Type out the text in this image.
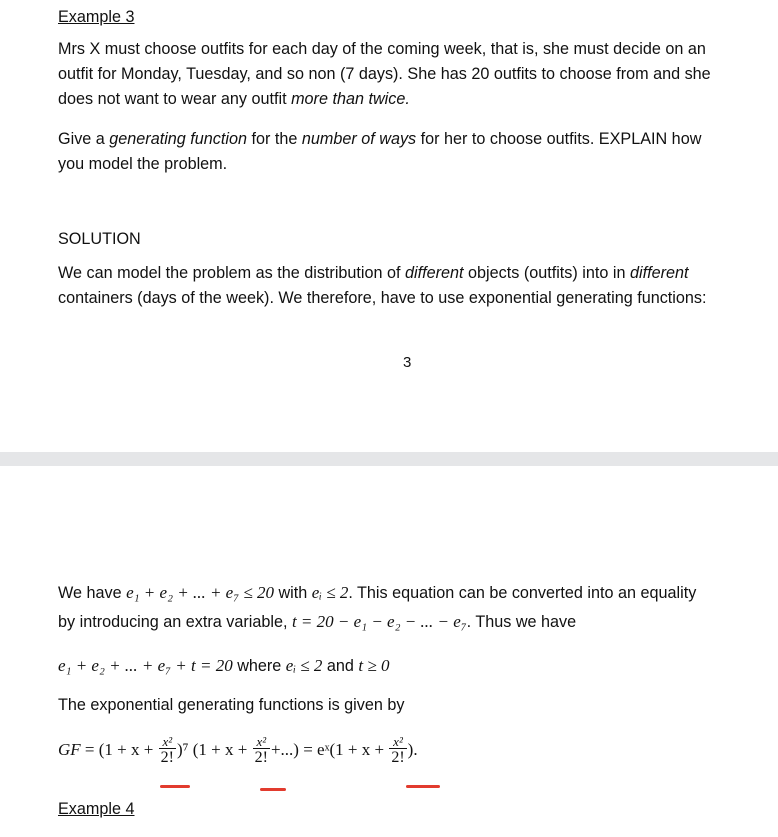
Example 3
Mrs X must choose outfits for each day of the coming week, that is, she must decide on an
outfit for Monday, Tuesday, and so non (7 days). She has 20 outfits to choose from and she
does not want to wear any outfit more than twice.
Give a generating function for the number of ways for her to choose outfits. EXPLAIN how
you model the problem.
SOLUTION
We can model the problem as the distribution of different objects (outfits) into in different
containers (days of the week). We therefore, have to use exponential generating functions:
3
We have e₁ + e₂ + ... + e₇ ≤ 20 with eᵢ ≤ 2. This equation can be converted into an equality
by introducing an extra variable, t = 20 − e₁ − e₂ − ... − e₇. Thus we have
e₁ + e₂ + ... + e₇ + t = 20 where eᵢ ≤ 2 and t ≥ 0
The exponential generating functions is given by
GF = $(1 + x + \frac{\text{x²}}{2!} )^7$ ($1 + x + \frac{\text{x²}}{2!}$ +...) = eˣ(1 + $x + \frac{\text{x²}}{2!}$ ).
Example 4
